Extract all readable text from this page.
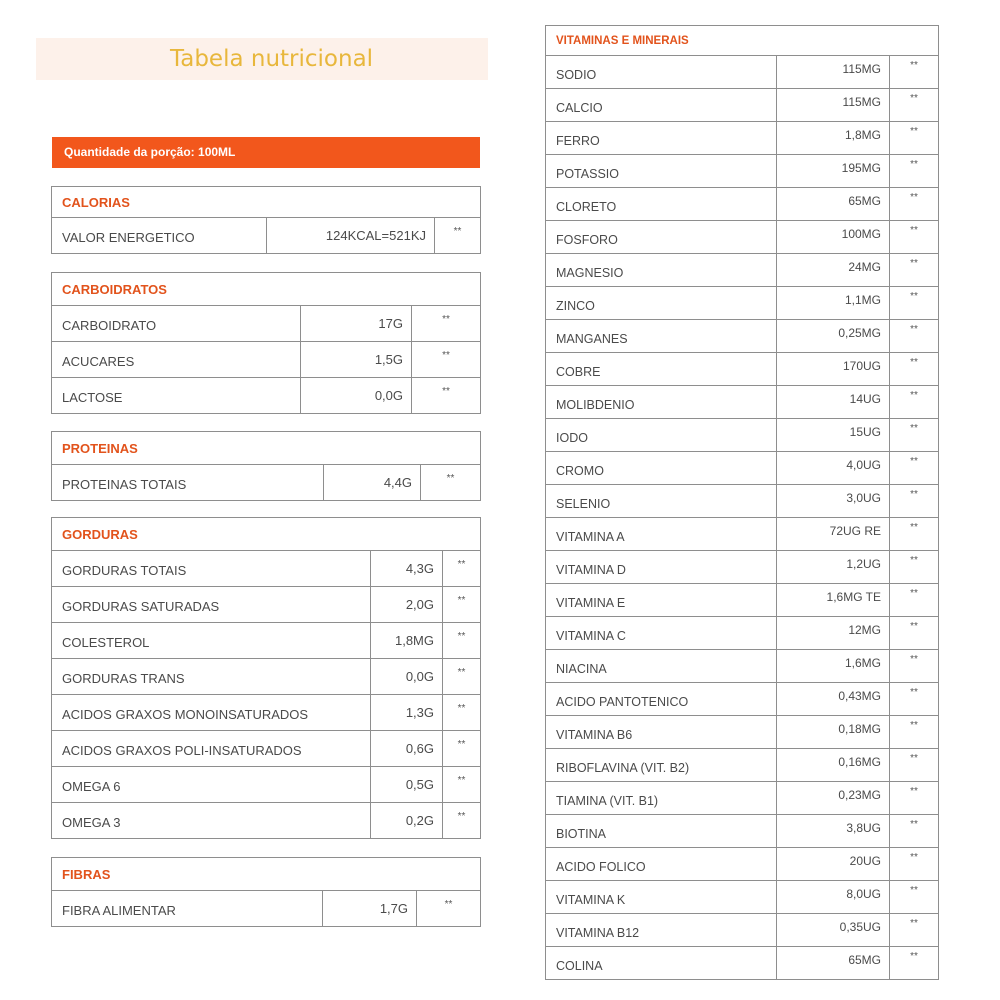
Tabela nutricional
Quantidade da porção: 100ML
CALORIAS
VALOR ENERGETICO	124KCAL=521KJ	**
CARBOIDRATOS		
CARBOIDRATO	17G	**
ACUCARES	1,5G	**
LACTOSE	0,0G	**
PROTEINAS
PROTEINAS TOTAIS	4,4G	**
GORDURAS		
GORDURAS TOTAIS	4,3G	**
GORDURAS SATURADAS	2,0G	**
COLESTEROL	1,8MG	**
GORDURAS TRANS	0,0G	**
ACIDOS GRAXOS MONOINSATURADOS	1,3G	**
ACIDOS GRAXOS POLI-INSATURADOS	0,6G	**
OMEGA 6	0,5G	**
OMEGA 3	0,2G	**
FIBRAS
FIBRA ALIMENTAR	1,7G	**
VITAMINAS E MINERAIS		
SODIO	115MG	**
CALCIO	115MG	**
FERRO	1,8MG	**
POTASSIO	195MG	**
CLORETO	65MG	**
FOSFORO	100MG	**
MAGNESIO	24MG	**
ZINCO	1,1MG	**
MANGANES	0,25MG	**
COBRE	170UG	**
MOLIBDENIO	14UG	**
IODO	15UG	**
CROMO	4,0UG	**
SELENIO	3,0UG	**
VITAMINA A	72UG RE	**
VITAMINA D	1,2UG	**
VITAMINA E	1,6MG TE	**
VITAMINA C	12MG	**
NIACINA	1,6MG	**
ACIDO PANTOTENICO	0,43MG	**
VITAMINA B6	0,18MG	**
RIBOFLAVINA (VIT. B2)	0,16MG	**
TIAMINA (VIT. B1)	0,23MG	**
BIOTINA	3,8UG	**
ACIDO FOLICO	20UG	**
VITAMINA K	8,0UG	**
VITAMINA B12	0,35UG	**
COLINA	65MG	**
